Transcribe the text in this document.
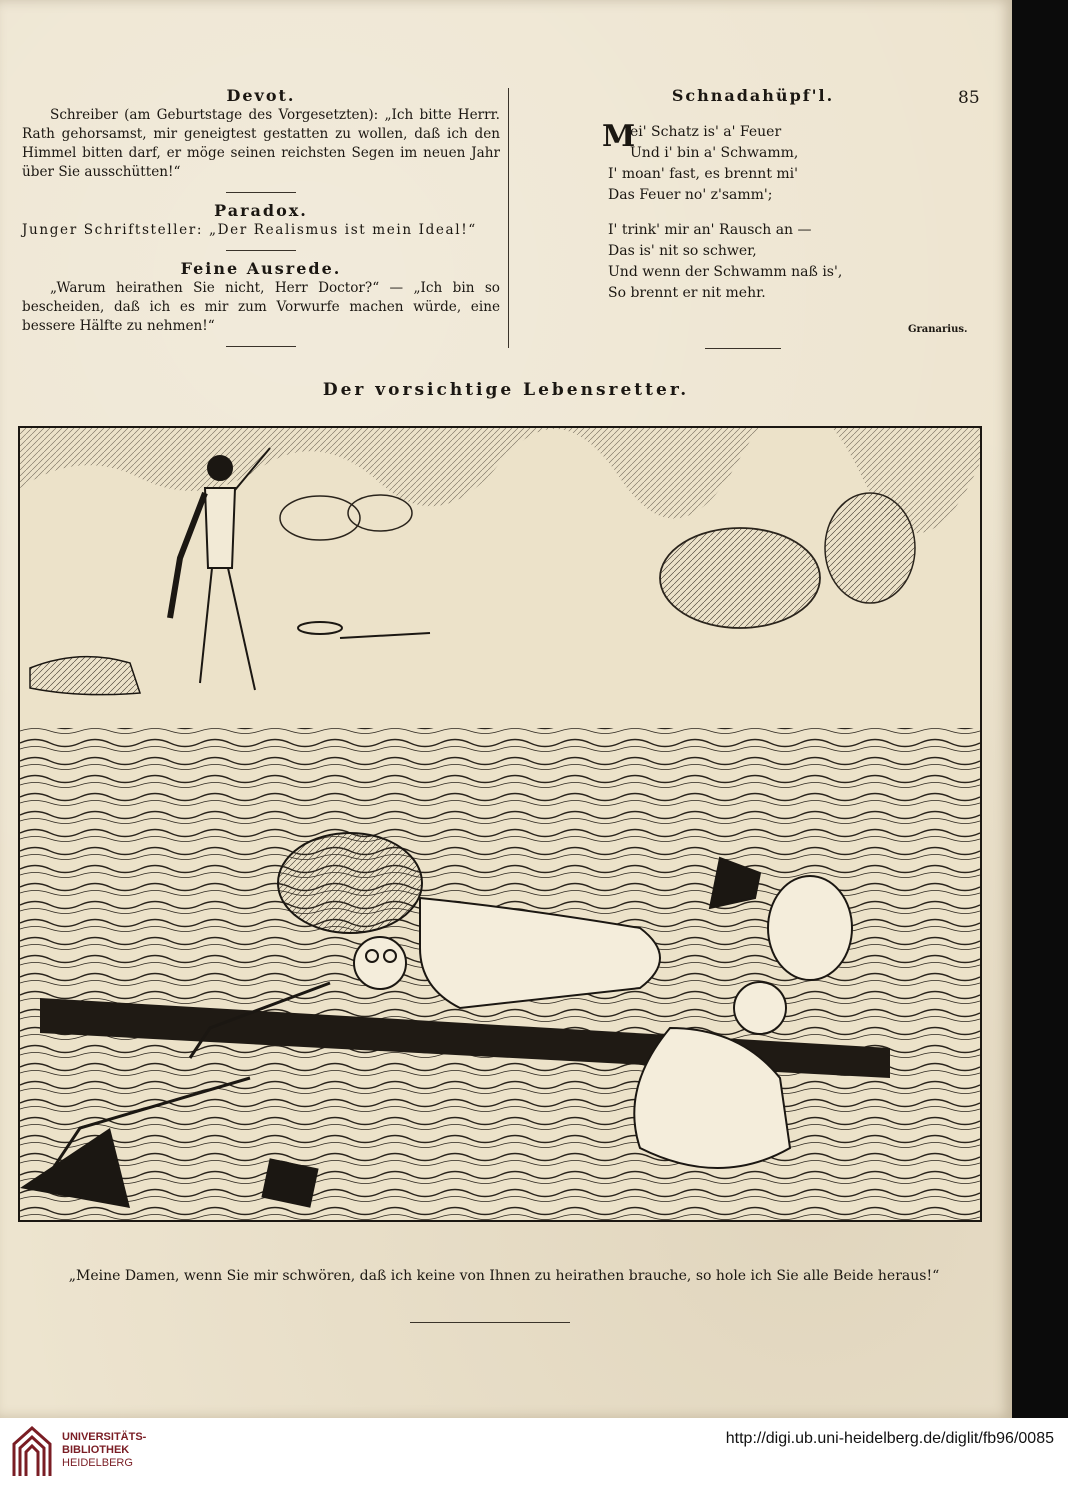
Devot.

Schreiber (am Geburtstage des Vorgesetzten): „Ich bitte Herrr. Rath gehorsamst, mir geneigtest gestatten zu wollen, daß ich den Himmel bitten darf, er möge seinen reichsten Segen im neuen Jahr über Sie ausschütten!“

Paradox.

Junger Schriftsteller: „Der Realismus ist mein Ideal!“

Feine Ausrede.

„Warum heirathen Sie nicht, Herr Doctor?“ — „Ich bin so bescheiden, daß ich es mir zum Vorwurfe machen würde, eine bessere Hälfte zu nehmen!“

Schnadahüpf'l.

M
ei' Schatz is' a' Feuer
Und i' bin a' Schwamm,
I' moan' fast, es brennt mi'
Das Feuer no' z'samm';
I' trink' mir an' Rausch an —
Das is' nit so schwer,
Und wenn der Schwamm naß is',
So brennt er nit mehr.
85
Granarius.
Der vorsichtige Lebensretter.
„Meine Damen, wenn Sie mir schwören, daß ich keine von Ihnen zu heirathen brauche, so hole ich Sie alle Beide heraus!“
UNIVERSITÄTS-
BIBLIOTHEK
HEIDELBERG
http://digi.ub.uni-heidelberg.de/diglit/fb96/0085
